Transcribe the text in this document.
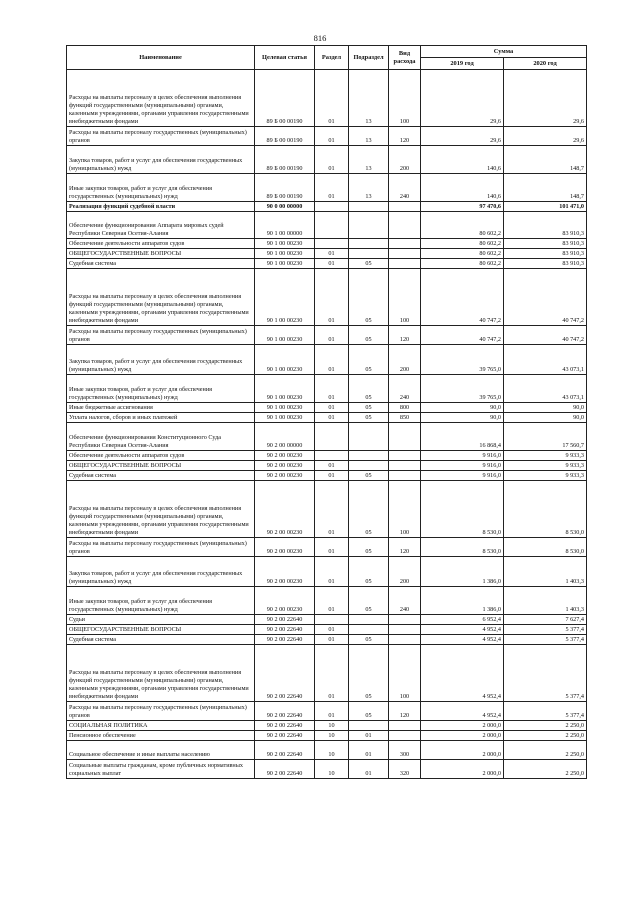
816
Наименование	Целевая статья	Раздел	Подраздел	Вид расхода	Сумма	
					2019 год	2020 год
Расходы на выплаты персоналу в целях обеспечения выполнения функций государственными (муниципальными) органами, казенными учреждениями, органами управления государственными внебюджетными фондами	89 Б 00 00190	01	13	100	29,6	29,6
Расходы на выплаты персоналу государственных (муниципальных) органов	89 Б 00 00190	01	13	120	29,6	29,6
Закупка товаров, работ и услуг для обеспечения государственных (муниципальных) нужд	89 Б 00 00190	01	13	200	140,6	148,7
Иные закупки товаров, работ и услуг для обеспечения государственных (муниципальных) нужд	89 Б 00 00190	01	13	240	140,6	148,7
Реализация функций судебной власти	90 0 00 00000				97 470,6	101 471,0
Обеспечение функционирования Аппарата мировых судей Республики Северная Осетия-Алания	90 1 00 00000				80 602,2	83 910,3
Обеспечение деятельности аппаратов судов	90 1 00 00230				80 602,2	83 910,3
ОБЩЕГОСУДАРСТВЕННЫЕ ВОПРОСЫ	90 1 00 00230	01			80 602,2	83 910,3
Судебная система	90 1 00 00230	01	05		80 602,2	83 910,3
Расходы на выплаты персоналу в целях обеспечения выполнения функций государственными (муниципальными) органами, казенными учреждениями, органами управления государственными внебюджетными фондами	90 1 00 00230	01	05	100	40 747,2	40 747,2
Расходы на выплаты персоналу государственных (муниципальных) органов	90 1 00 00230	01	05	120	40 747,2	40 747,2
Закупка товаров, работ и услуг для обеспечения государственных (муниципальных) нужд	90 1 00 00230	01	05	200	39 765,0	43 073,1
Иные закупки товаров, работ и услуг для обеспечения государственных (муниципальных) нужд	90 1 00 00230	01	05	240	39 765,0	43 073,1
Иные бюджетные ассигнования	90 1 00 00230	01	05	800	90,0	90,0
Уплата налогов, сборов и иных платежей	90 1 00 00230	01	05	850	90,0	90,0
Обеспечение функционирования Конституционного Суда Республики Северная Осетия-Алания	90 2 00 00000				16 868,4	17 560,7
Обеспечение деятельности аппаратов судов	90 2 00 00230				9 916,0	9 933,3
ОБЩЕГОСУДАРСТВЕННЫЕ ВОПРОСЫ	90 2 00 00230	01			9 916,0	9 933,3
Судебная система	90 2 00 00230	01	05		9 916,0	9 933,3
Расходы на выплаты персоналу в целях обеспечения выполнения функций государственными (муниципальными) органами, казенными учреждениями, органами управления государственными внебюджетными фондами	90 2 00 00230	01	05	100	8 530,0	8 530,0
Расходы на выплаты персоналу государственных (муниципальных) органов	90 2 00 00230	01	05	120	8 530,0	8 530,0
Закупка товаров, работ и услуг для обеспечения государственных (муниципальных) нужд	90 2 00 00230	01	05	200	1 386,0	1 403,3
Иные закупки товаров, работ и услуг для обеспечения государственных (муниципальных) нужд	90 2 00 00230	01	05	240	1 386,0	1 403,3
Судьи	90 2 00 22640				6 952,4	7 627,4
ОБЩЕГОСУДАРСТВЕННЫЕ ВОПРОСЫ	90 2 00 22640	01			4 952,4	5 377,4
Судебная система	90 2 00 22640	01	05		4 952,4	5 377,4
Расходы на выплаты персоналу в целях обеспечения выполнения функций государственными (муниципальными) органами, казенными учреждениями, органами управления государственными внебюджетными фондами	90 2 00 22640	01	05	100	4 952,4	5 377,4
Расходы на выплаты персоналу государственных (муниципальных) органов	90 2 00 22640	01	05	120	4 952,4	5 377,4
СОЦИАЛЬНАЯ ПОЛИТИКА	90 2 00 22640	10			2 000,0	2 250,0
Пенсионное обеспечение	90 2 00 22640	10	01		2 000,0	2 250,0
Социальное обеспечение и иные выплаты населению	90 2 00 22640	10	01	300	2 000,0	2 250,0
Социальные выплаты гражданам, кроме публичных нормативных социальных выплат	90 2 00 22640	10	01	320	2 000,0	2 250,0
